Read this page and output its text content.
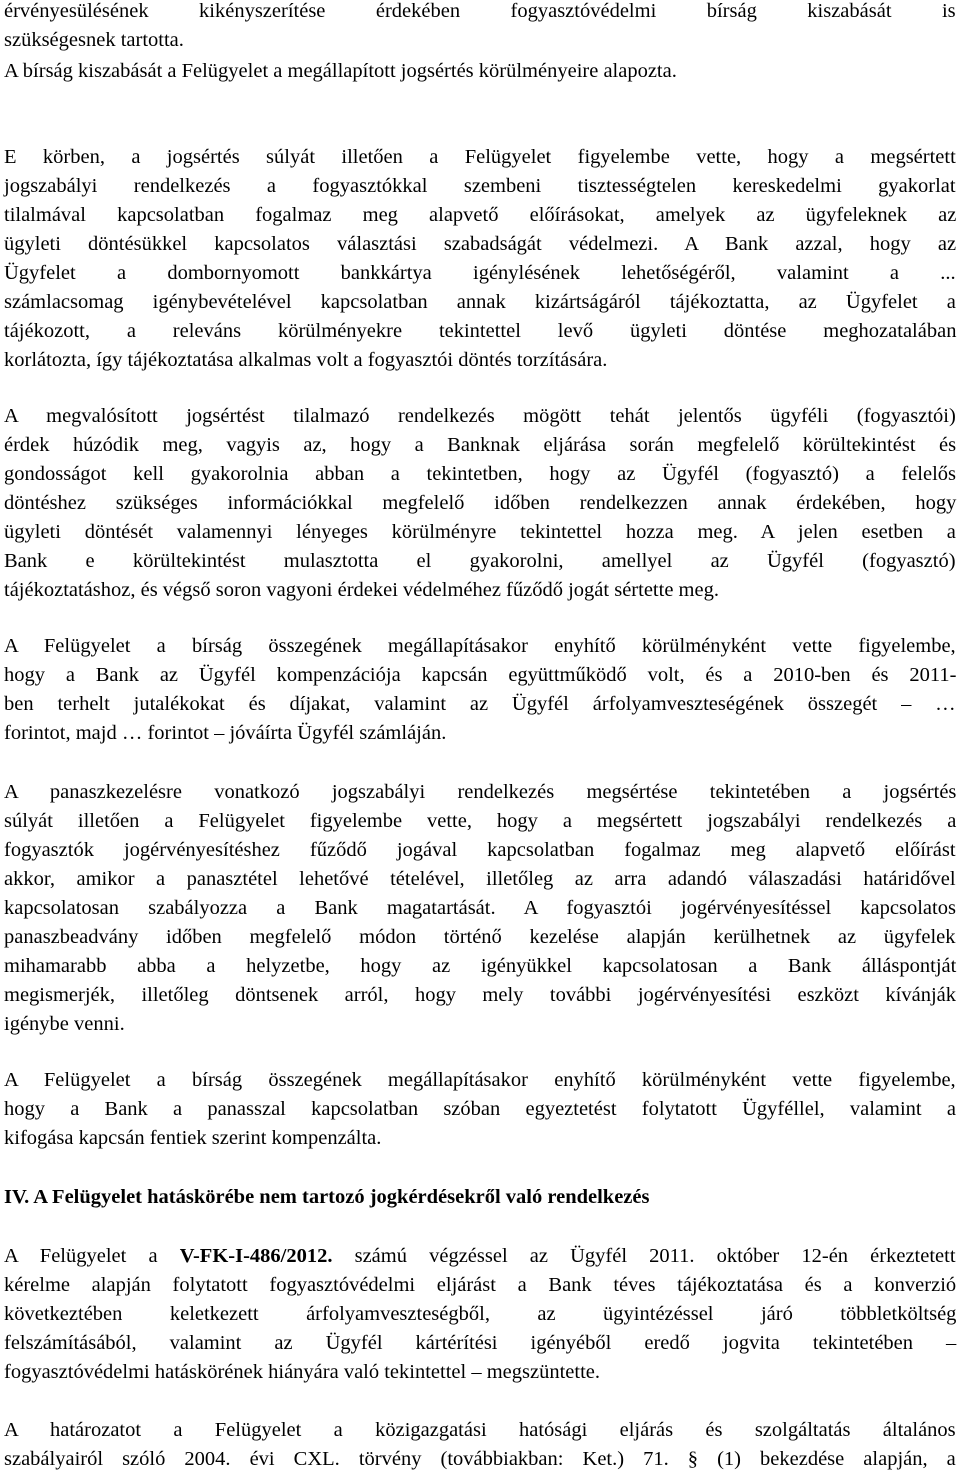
érvényesülésének kikényszerítése érdekében fogyasztóvédelmi bírság kiszabását is
szükségesnek tartotta.
A bírság kiszabását a Felügyelet a megállapított jogsértés körülményeire alapozta.
E körben, a jogsértés súlyát illetően a Felügyelet figyelembe vette, hogy a megsértett
jogszabályi rendelkezés a fogyasztókkal szembeni tisztességtelen kereskedelmi gyakorlat
tilalmával kapcsolatban fogalmaz meg alapvető előírásokat, amelyek az ügyfeleknek az
ügyleti döntésükkel kapcsolatos választási szabadságát védelmezi. A Bank azzal, hogy az
Ügyfelet a dombornyomott bankkártya igénylésének lehetőségéről, valamint a ...
számlacsomag igénybevételével kapcsolatban annak kizártságáról tájékoztatta, az Ügyfelet a
tájékozott, a releváns körülményekre tekintettel levő ügyleti döntése meghozatalában
korlátozta, így tájékoztatása alkalmas volt a fogyasztói döntés torzítására.
A megvalósított jogsértést tilalmazó rendelkezés mögött tehát jelentős ügyféli (fogyasztói)
érdek húzódik meg, vagyis az, hogy a Banknak eljárása során megfelelő körültekintést és
gondosságot kell gyakorolnia abban a tekintetben, hogy az Ügyfél (fogyasztó) a felelős
döntéshez szükséges információkkal megfelelő időben rendelkezzen annak érdekében, hogy
ügyleti döntését valamennyi lényeges körülményre tekintettel hozza meg. A jelen esetben a
Bank e körültekintést mulasztotta el gyakorolni, amellyel az Ügyfél (fogyasztó)
tájékoztatáshoz, és végső soron vagyoni érdekei védelméhez fűződő jogát sértette meg.
A Felügyelet a bírság összegének megállapításakor enyhítő körülményként vette figyelembe,
hogy a Bank az Ügyfél kompenzációja kapcsán együttműködő volt, és a 2010-ben és 2011-
ben terhelt jutalékokat és díjakat, valamint az Ügyfél árfolyamveszteségének összegét – …
forintot, majd … forintot – jóváírta Ügyfél számláján.
A panaszkezelésre vonatkozó jogszabályi rendelkezés megsértése tekintetében a jogsértés
súlyát illetően a Felügyelet figyelembe vette, hogy a megsértett jogszabályi rendelkezés a
fogyasztók jogérvényesítéshez fűződő jogával kapcsolatban fogalmaz meg alapvető előírást
akkor, amikor a panasztétel lehetővé tételével, illetőleg az arra adandó válaszadási határidővel
kapcsolatosan szabályozza a Bank magatartását. A fogyasztói jogérvényesítéssel kapcsolatos
panaszbeadvány időben megfelelő módon történő kezelése alapján kerülhetnek az ügyfelek
mihamarabb abba a helyzetbe, hogy az igényükkel kapcsolatosan a Bank álláspontját
megismerjék, illetőleg döntsenek arról, hogy mely további jogérvényesítési eszközt kívánják
igénybe venni.
A Felügyelet a bírság összegének megállapításakor enyhítő körülményként vette figyelembe,
hogy a Bank a panasszal kapcsolatban szóban egyeztetést folytatott Ügyféllel, valamint a
kifogása kapcsán fentiek szerint kompenzálta.
IV. A Felügyelet hatáskörébe nem tartozó jogkérdésekről való rendelkezés
A Felügyelet a V-FK-I-486/2012. számú végzéssel az Ügyfél 2011. október 12-én érkeztetett
kérelme alapján folytatott fogyasztóvédelmi eljárást a Bank téves tájékoztatása és a konverzió
következtében keletkezett árfolyamveszteségből, az ügyintézéssel járó többletköltség
felszámításából, valamint az Ügyfél kártérítési igényéből eredő jogvita tekintetében –
fogyasztóvédelmi hatáskörének hiányára való tekintettel – megszüntette.
A határozatot a Felügyelet a közigazgatási hatósági eljárás és szolgáltatás általános
szabályairól szóló 2004. évi CXL. törvény (továbbiakban: Ket.) 71. § (1) bekezdése alapján, a
